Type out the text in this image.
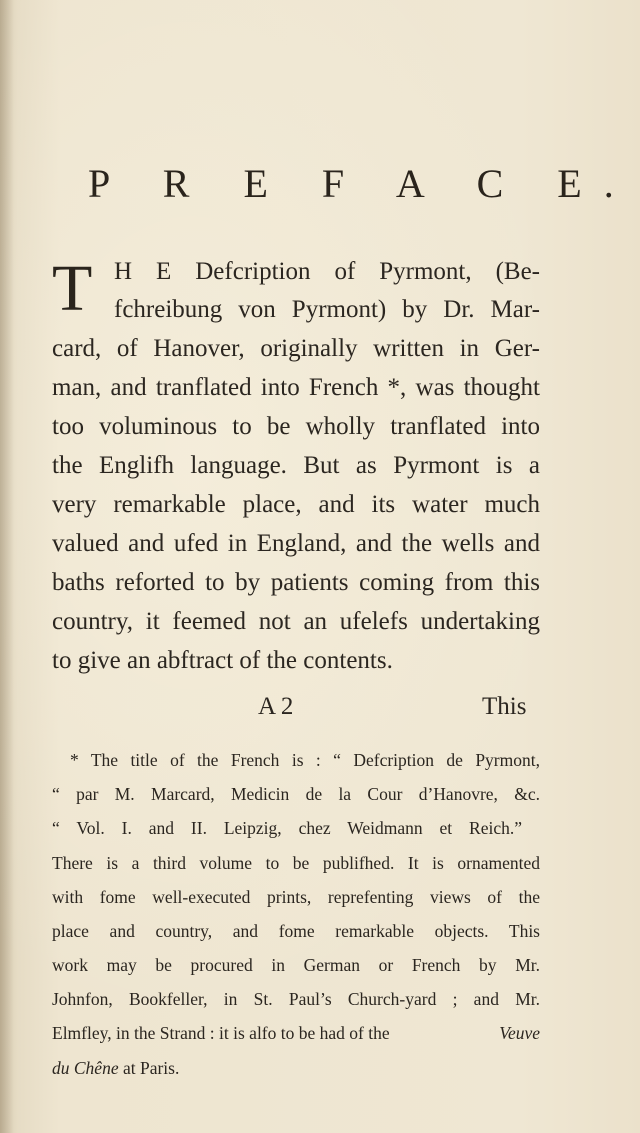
P R E F A C E.
T H E Defcription of Pyrmont, (Be-
fchreibung von Pyrmont) by Dr. Mar-
card, of Hanover, originally written in Ger-
man, and tranflated into French *, was thought
too voluminous to be wholly tranflated into
the Englifh language. But as Pyrmont is a
very remarkable place, and its water much
valued and ufed in England, and the wells and
baths reforted to by patients coming from this
country, it feemed not an ufelefs undertaking
to give an abftract of the contents.
A 2	This
* The title of the French is : “ Defcription de Pyrmont,
“ par M. Marcard, Medicin de la Cour d’Hanovre, &c.
“ Vol. I. and II. Leipzig, chez Weidmann et Reich.”
There is a third volume to be publifhed. It is ornamented
with fome well-executed prints, reprefenting views of the
place and country, and fome remarkable objects. This
work may be procured in German or French by Mr.
Johnfon, Bookfeller, in St. Paul’s Church-yard ; and Mr.
Elmfley, in the Strand : it is alfo to be had of the	Veuve
du Chêne at Paris.
